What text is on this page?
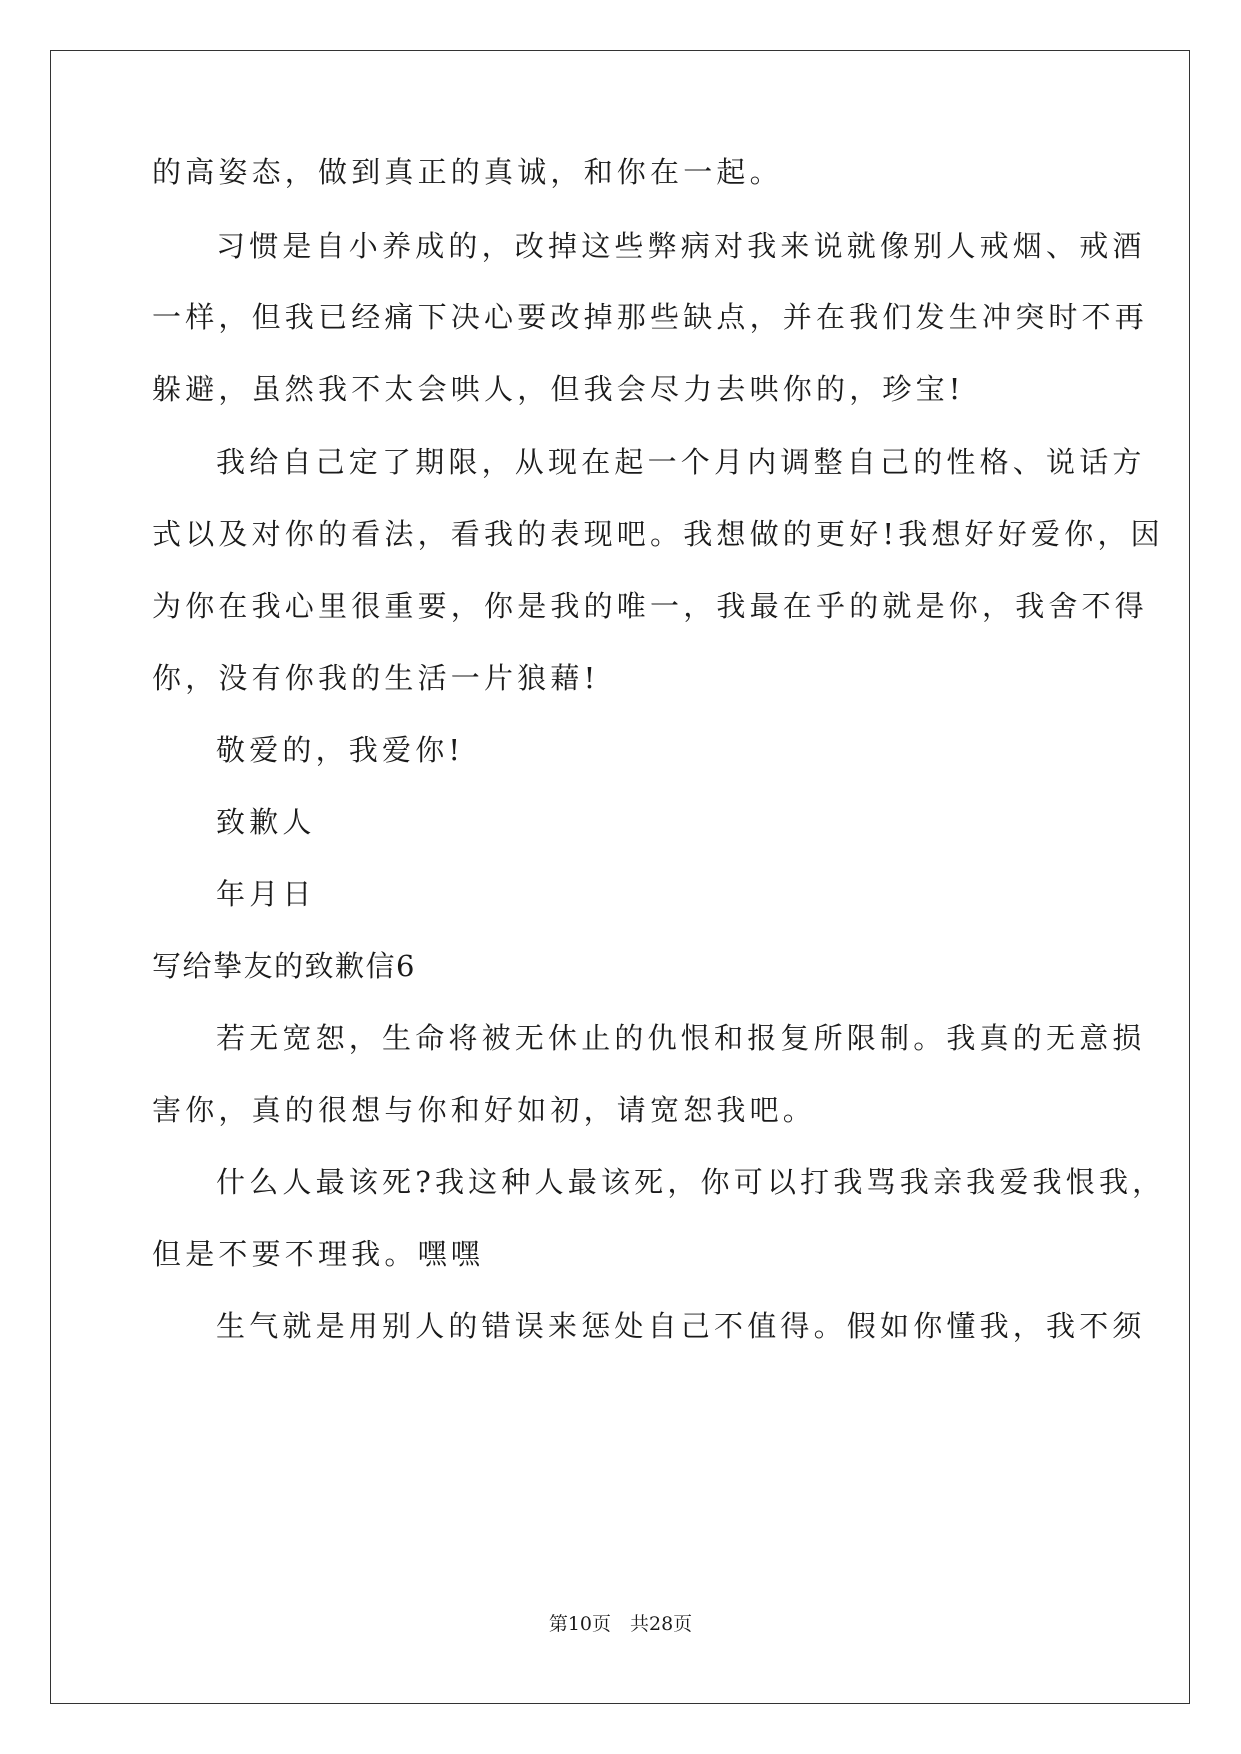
的高姿态，做到真正的真诚，和你在一起。
习惯是自小养成的，改掉这些弊病对我来说就像别人戒烟、戒酒
一样，但我已经痛下决心要改掉那些缺点，并在我们发生冲突时不再
躲避，虽然我不太会哄人，但我会尽力去哄你的，珍宝!
我给自己定了期限，从现在起一个月内调整自己的性格、说话方
式以及对你的看法，看我的表现吧。我想做的更好!我想好好爱你，因
为你在我心里很重要，你是我的唯一，我最在乎的就是你，我舍不得
你，没有你我的生活一片狼藉!
敬爱的，我爱你!
致歉人
年月日
写给挚友的致歉信6
若无宽恕，生命将被无休止的仇恨和报复所限制。我真的无意损
害你，真的很想与你和好如初，请宽恕我吧。
什么人最该死?我这种人最该死，你可以打我骂我亲我爱我恨我，
但是不要不理我。嘿嘿
生气就是用别人的错误来惩处自己不值得。假如你懂我，我不须
第10页　共28页
